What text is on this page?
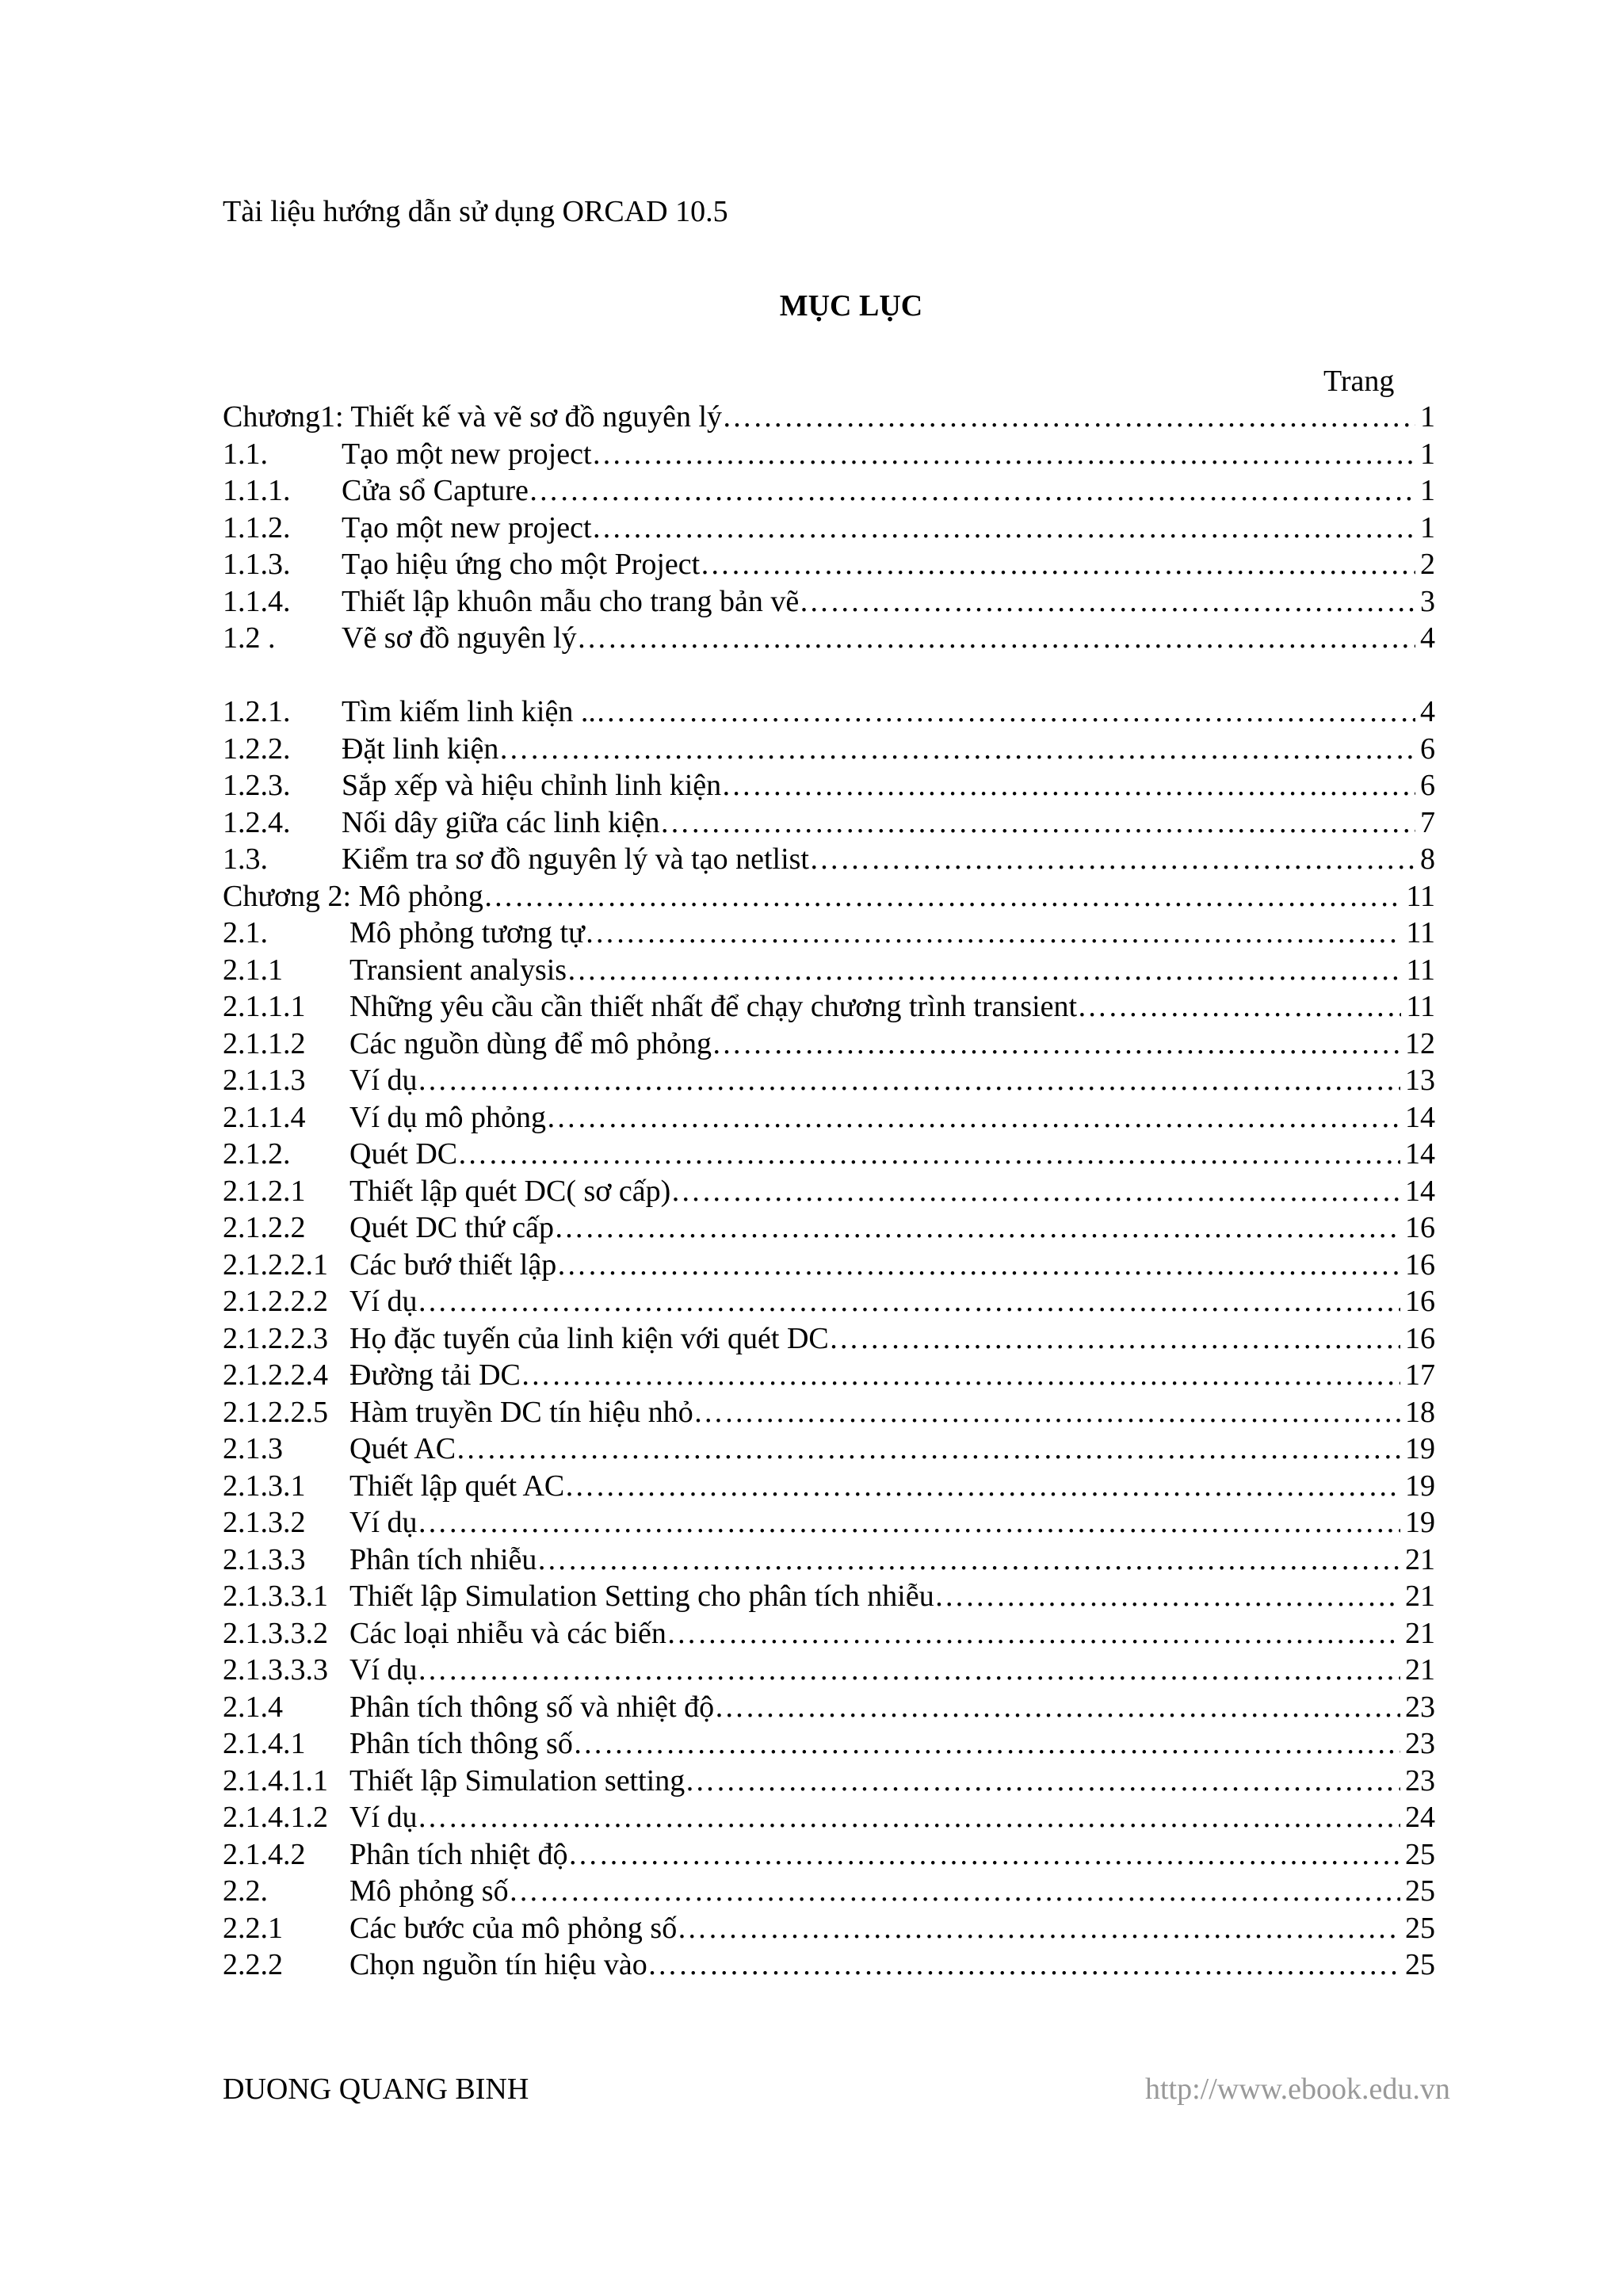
Tài liệu hướng dẫn sử dụng ORCAD 10.5
MỤC LỤC
Trang
Chương1: Thiết kế và vẽ sơ đồ nguyên lý ……………………………………………………………………………………………………………………………………………………………………………………………………	1
1.1. Tạo một new project ……………………………………………………………………………………………………………………………………………………………………………………………………	1
1.1.1. Cửa sổ Capture ……………………………………………………………………………………………………………………………………………………………………………………………………	1
1.1.2. Tạo một new project ……………………………………………………………………………………………………………………………………………………………………………………………………	1
1.1.3. Tạo hiệu ứng cho một Project ……………………………………………………………………………………………………………………………………………………………………………………………………	2
1.1.4. Thiết lập khuôn mẫu cho trang bản vẽ ……………………………………………………………………………………………………………………………………………………………………………………………………	3
1.2 . Vẽ sơ đồ nguyên lý ……………………………………………………………………………………………………………………………………………………………………………………………………	4
1.2.1. Tìm kiếm linh kiện .. ……………………………………………………………………………………………………………………………………………………………………………………………………	4
1.2.2. Đặt linh kiện ……………………………………………………………………………………………………………………………………………………………………………………………………	6
1.2.3. Sắp xếp và hiệu chỉnh linh kiện ……………………………………………………………………………………………………………………………………………………………………………………………………	6
1.2.4. Nối dây giữa các linh kiện ……………………………………………………………………………………………………………………………………………………………………………………………………	7
1.3. Kiểm tra sơ đồ nguyên lý và tạo netlist ……………………………………………………………………………………………………………………………………………………………………………………………………	8
Chương 2: Mô phỏng ……………………………………………………………………………………………………………………………………………………………………………………………………	11
2.1.	Mô phỏng tương tự ……………………………………………………………………………………………………………………………………………………………………………………………………	11
2.1.1 Transient analysis ……………………………………………………………………………………………………………………………………………………………………………………………………	11
2.1.1.1 Những yêu cầu cần thiết nhất để chạy chương trình transient ……………………………………………………………………………………………………………………………………………………………………………………………………	11
2.1.1.2 Các nguồn dùng để mô phỏng ……………………………………………………………………………………………………………………………………………………………………………………………………	12
2.1.1.3 Ví dụ ……………………………………………………………………………………………………………………………………………………………………………………………………	13
2.1.1.4 Ví dụ mô phỏng ……………………………………………………………………………………………………………………………………………………………………………………………………	14
2.1.2. Quét DC ……………………………………………………………………………………………………………………………………………………………………………………………………	14
2.1.2.1 Thiết lập quét DC( sơ cấp) ……………………………………………………………………………………………………………………………………………………………………………………………………	14
2.1.2.2 Quét DC thứ cấp ……………………………………………………………………………………………………………………………………………………………………………………………………	16
2.1.2.2.1 Các bướ thiết lập ……………………………………………………………………………………………………………………………………………………………………………………………………	16
2.1.2.2.2 Ví dụ ……………………………………………………………………………………………………………………………………………………………………………………………………	16
2.1.2.2.3 Họ đặc tuyến của linh kiện với quét DC ……………………………………………………………………………………………………………………………………………………………………………………………………	16
2.1.2.2.4 Đường tải DC ……………………………………………………………………………………………………………………………………………………………………………………………………	17
2.1.2.2.5 Hàm truyền DC tín hiệu nhỏ ……………………………………………………………………………………………………………………………………………………………………………………………………	18
2.1.3 Quét AC ……………………………………………………………………………………………………………………………………………………………………………………………………	19
2.1.3.1 Thiết lập quét AC ……………………………………………………………………………………………………………………………………………………………………………………………………	19
2.1.3.2 Ví dụ ……………………………………………………………………………………………………………………………………………………………………………………………………	19
2.1.3.3 Phân tích nhiễu ……………………………………………………………………………………………………………………………………………………………………………………………………	21
2.1.3.3.1 Thiết lập Simulation Setting cho phân tích nhiễu ……………………………………………………………………………………………………………………………………………………………………………………………………	21
2.1.3.3.2 Các loại nhiễu và các biến ……………………………………………………………………………………………………………………………………………………………………………………………………	21
2.1.3.3.3 Ví dụ ……………………………………………………………………………………………………………………………………………………………………………………………………	21
2.1.4 Phân tích thông số và nhiệt độ ……………………………………………………………………………………………………………………………………………………………………………………………………	23
2.1.4.1 Phân tích thông số ……………………………………………………………………………………………………………………………………………………………………………………………………	23
2.1.4.1.1 Thiết lập Simulation setting ……………………………………………………………………………………………………………………………………………………………………………………………………	23
2.1.4.1.2 Ví dụ ……………………………………………………………………………………………………………………………………………………………………………………………………	24
2.1.4.2 Phân tích nhiệt độ ……………………………………………………………………………………………………………………………………………………………………………………………………	25
2.2.	Mô phỏng số ……………………………………………………………………………………………………………………………………………………………………………………………………	25
2.2.1 Các bước của mô phỏng số ……………………………………………………………………………………………………………………………………………………………………………………………………	25
2.2.2 Chọn nguồn tín hiệu vào ……………………………………………………………………………………………………………………………………………………………………………………………………	25
DUONG QUANG BINH	http://www.ebook.edu.vn
